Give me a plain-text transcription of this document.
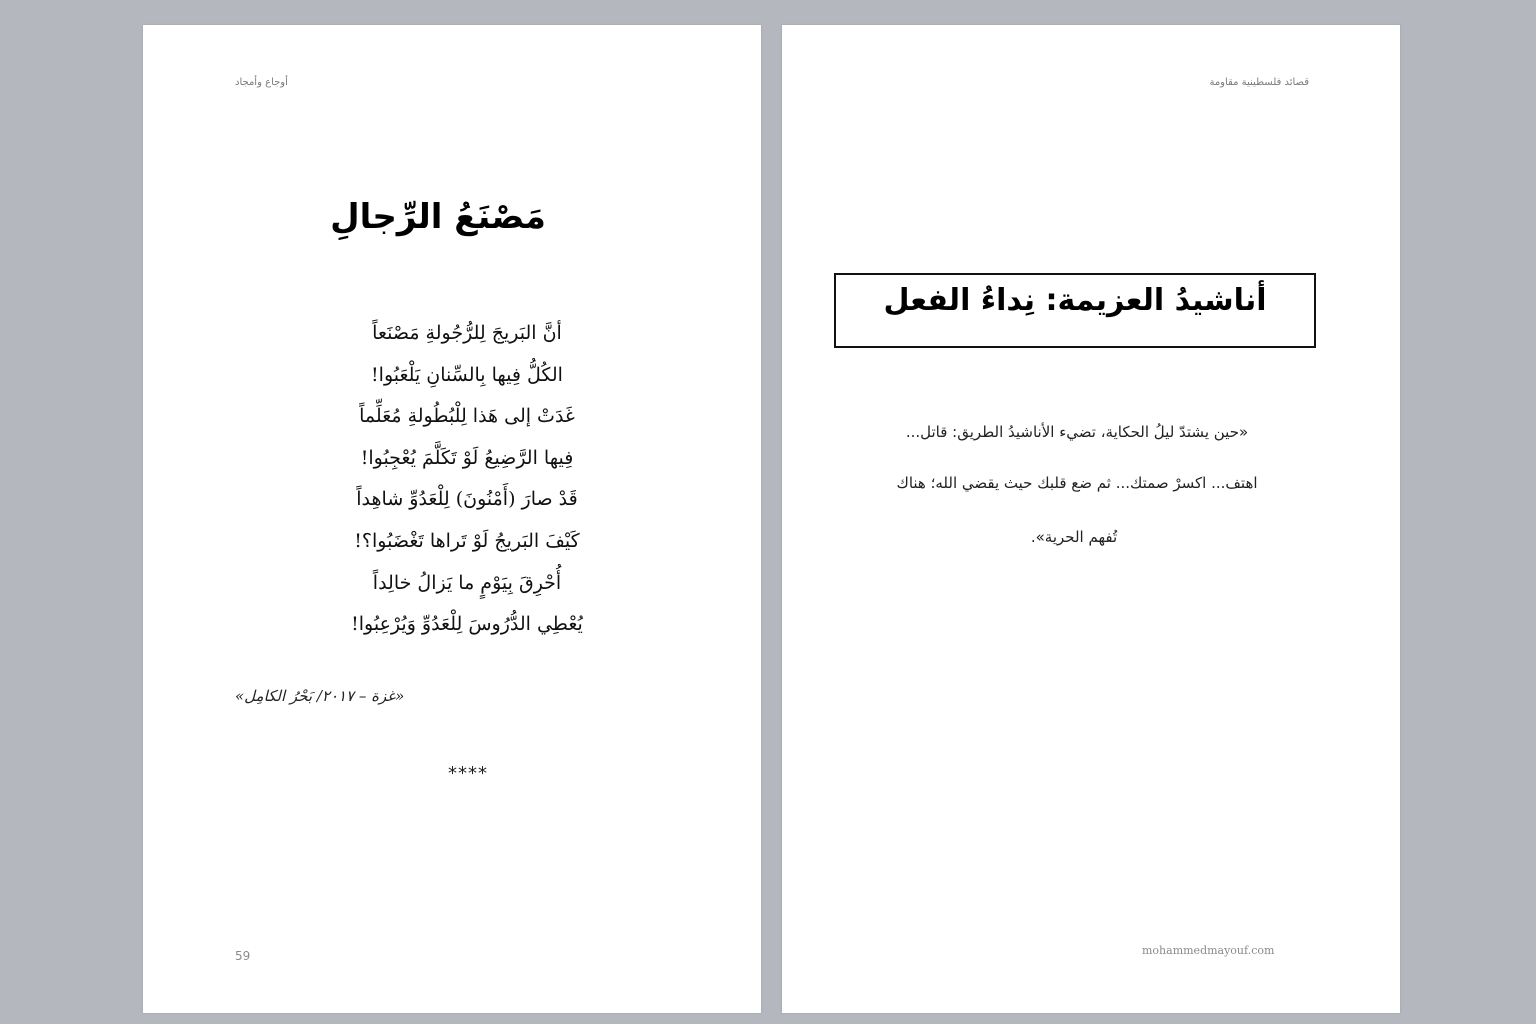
أوجاع وأمجاد
مَصْنَعُ الرِّجالِ
أنَّ البَريجَ لِلرُّجُولةِ مَصْنَعاً
الكُلُّ فِيها بِالسِّنانِ يَلْعَبُوا!
غَدَتْ إلى هَذا لِلْبُطُولةِ مُعَلِّماً
فِيها الرَّضِيعُ لَوْ تَكَلَّمَ يُعْجِبُوا!
قَدْ صارَ (أَمْنُونَ) لِلْعَدُوِّ شاهِداً
كَيْفَ البَريجُ لَوْ تَراها تَغْضَبُوا؟!
أُحْرِقَ بِيَوْمٍ ما يَزالُ خالِداً
يُعْطِي الدُّرُوسَ لِلْعَدُوِّ وَيُرْعِبُوا!
«غزة – ٢٠١٧/ بَحْرُ الكامِل»
****
59
قصائد فلسطينية مقاومة
أناشيدُ العزيمة: نِداءُ الفعل
«حين يشتدّ ليلُ الحكاية، تضيء الأناشيدُ الطريق: قاتل...
اهتف... اكسرْ صمتك... ثم ضع قلبك حيث يقضي الله؛ هناك
تُفهم الحرية».
mohammedmayouf.com
